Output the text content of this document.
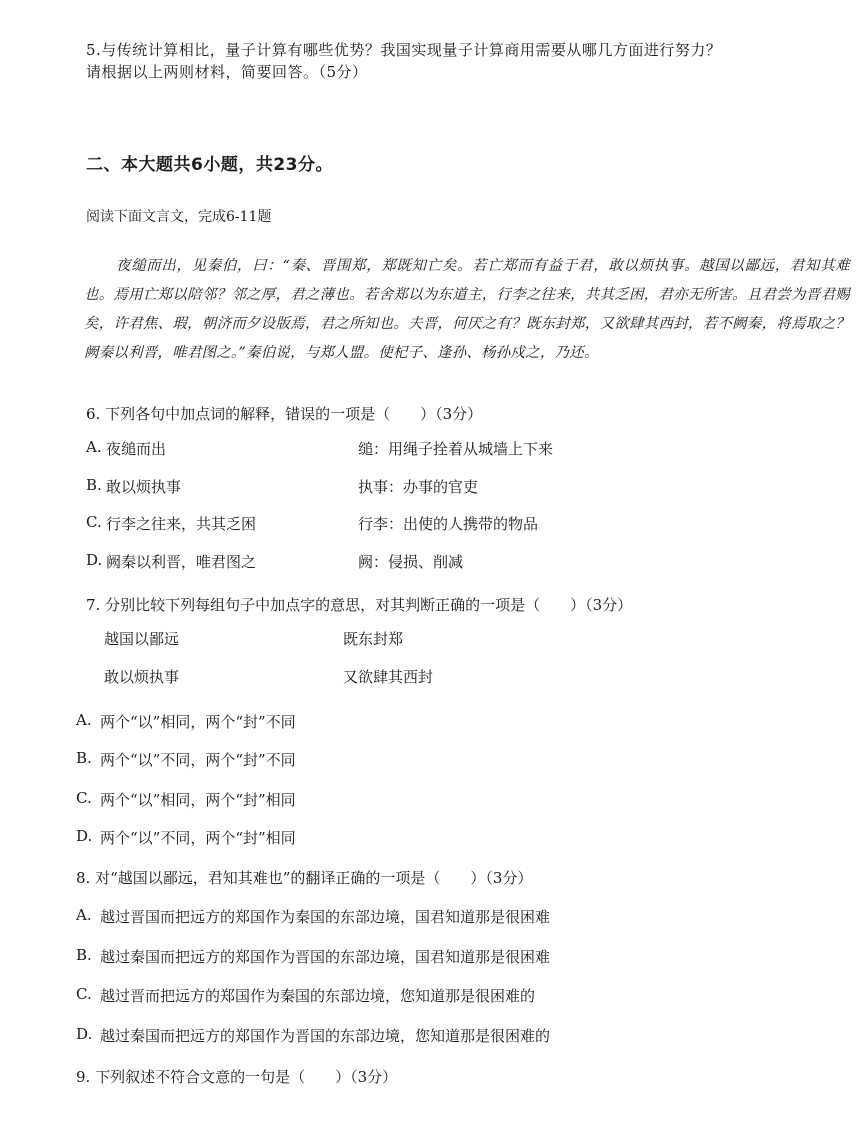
5.与传统计算相比，量子计算有哪些优势？我国实现量子计算商用需要从哪几方面进行努力？
请根据以上两则材料，简要回答。（5分）
二、本大题共6小题，共23分。
阅读下面文言文，完成6-11题
夜缒而出，见秦伯，曰：“秦、晋围郑，郑既知亡矣。若亡郑而有益于君，敢以烦执事。越国以鄙远，君知其难也。焉用亡郑以陪邻？邻之厚，君之薄也。若舍郑以为东道主，行李之往来，共其乏困，君亦无所害。且君尝为晋君赐矣，许君焦、瑕，朝济而夕设版焉，君之所知也。夫晋，何厌之有？既东封郑，又欲肆其西封，若不阙秦，将焉取之？阙秦以利晋，唯君图之。”秦伯说，与郑人盟。使杞子、逢孙、杨孙戍之，乃还。
6. 下列各句中加点词的解释，错误的一项是（　　）（3分）
A. 夜缒而出	缒：用绳子拴着从城墙上下来
B. 敢以烦执事	执事：办事的官吏
C. 行李之往来，共其乏困	行李：出使的人携带的物品
D. 阙秦以利晋，唯君图之	阙：侵损、削减
7. 分别比较下列每组句子中加点字的意思，对其判断正确的一项是（　　）（3分）
越国以鄙远	既东封郑
敢以烦执事	又欲肆其西封
A. 两个“以”相同，两个“封”不同
B. 两个“以”不同，两个“封”不同
C. 两个“以”相同，两个“封”相同
D. 两个“以”不同，两个“封”相同
8. 对“越国以鄙远，君知其难也”的翻译正确的一项是（　　）（3分）
A. 越过晋国而把远方的郑国作为秦国的东部边境，国君知道那是很困难
B. 越过秦国而把远方的郑国作为晋国的东部边境，国君知道那是很困难
C. 越过晋而把远方的郑国作为秦国的东部边境，您知道那是很困难的
D. 越过秦国而把远方的郑国作为晋国的东部边境，您知道那是很困难的
9. 下列叙述不符合文意的一句是（　　）（3分）
